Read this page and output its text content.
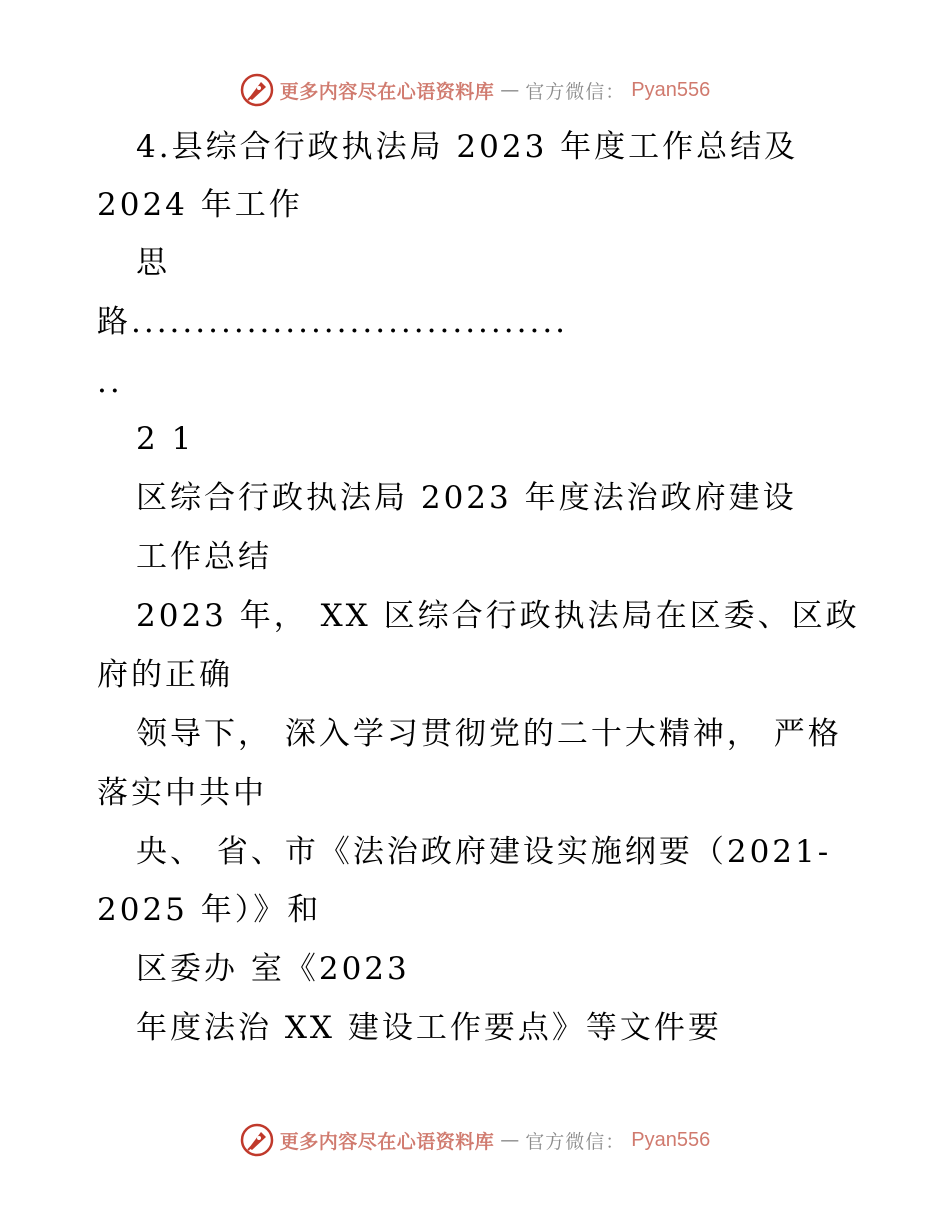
更多内容尽在心语资料库 — 官方微信： Pyan556
4.县综合行政执法局 2023 年度工作总结及
2024 年工作
思
路..................................
..
2 1
区综合行政执法局 2023 年度法治政府建设
工作总结
2023 年， XX 区综合行政执法局在区委、区政
府的正确
领导下， 深入学习贯彻党的二十大精神， 严格
落实中共中
央、 省、市《法治政府建设实施纲要（2021-
2025 年）》和
区委办 室《2023
年度法治 XX 建设工作要点》等文件要
更多内容尽在心语资料库 — 官方微信： Pyan556
